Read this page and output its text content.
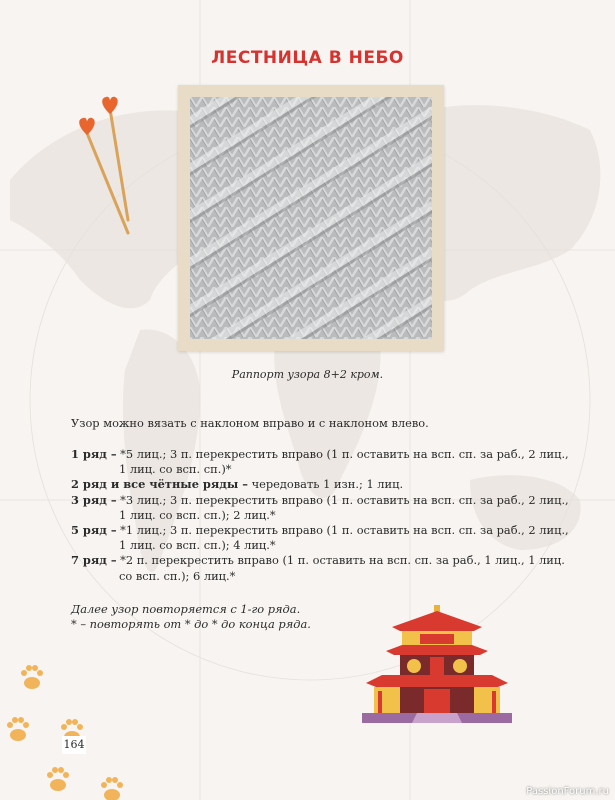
ЛЕСТНИЦА В НЕБО
Раппорт узора 8+2 кром.
Узор можно вязать с наклоном вправо и с наклоном влево.
1 ряд – *5 лиц.; 3 п. перекрестить вправо (1 п. оставить на всп. сп. за раб., 2 лиц.,
1 лиц. со всп. сп.)*
2 ряд и все чётные ряды – чередовать 1 изн.; 1 лиц.
3 ряд – *3 лиц.; 3 п. перекрестить вправо (1 п. оставить на всп. сп. за раб., 2 лиц.,
1 лиц. со всп. сп.); 2 лиц.*
5 ряд – *1 лиц.; 3 п. перекрестить вправо (1 п. оставить на всп. сп. за раб., 2 лиц.,
1 лиц. со всп. сп.); 4 лиц.*
7 ряд – *2 п. перекрестить вправо (1 п. оставить на всп. сп. за раб., 1 лиц., 1 лиц.
со всп. сп.); 6 лиц.*
Далее узор повторяется с 1-го ряда.
* – повторять от * до * до конца ряда.
164
PassionForum.ru
